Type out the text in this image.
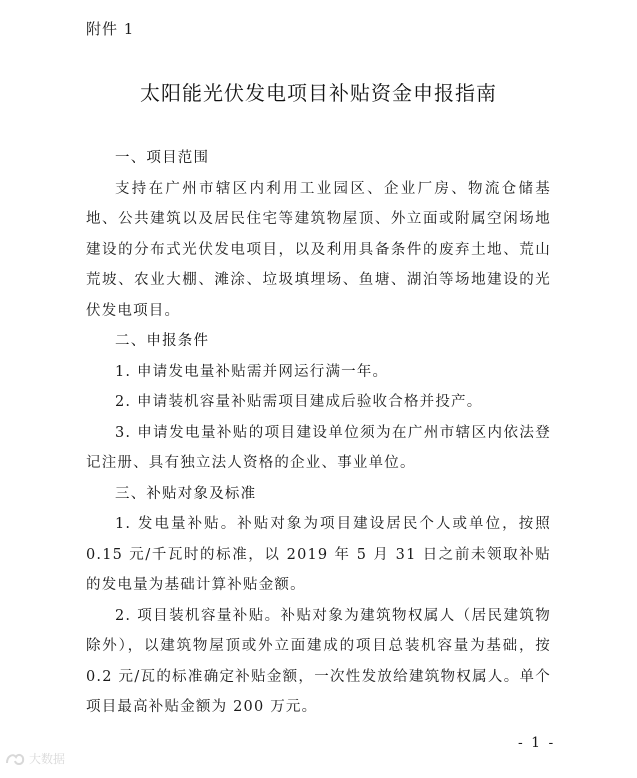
附件 1
太阳能光伏发电项目补贴资金申报指南

一、项目范围

支持在广州市辖区内利用工业园区、企业厂房、物流仓储基地、公共建筑以及居民住宅等建筑物屋顶、外立面或附属空闲场地建设的分布式光伏发电项目，以及利用具备条件的废弃土地、荒山荒坡、农业大棚、滩涂、垃圾填埋场、鱼塘、湖泊等场地建设的光伏发电项目。

二、申报条件

1. 申请发电量补贴需并网运行满一年。

2. 申请装机容量补贴需项目建成后验收合格并投产。

3. 申请发电量补贴的项目建设单位须为在广州市辖区内依法登记注册、具有独立法人资格的企业、事业单位。

三、补贴对象及标准

1. 发电量补贴。补贴对象为项目建设居民个人或单位，按照 0.15 元/千瓦时的标准，以 2019 年 5 月 31 日之前未领取补贴的发电量为基础计算补贴金额。

2. 项目装机容量补贴。补贴对象为建筑物权属人（居民建筑物除外），以建筑物屋顶或外立面建成的项目总装机容量为基础，按 0.2 元/瓦的标准确定补贴金额，一次性发放给建筑物权属人。单个项目最高补贴金额为 200 万元。

- 1 -
大数据
